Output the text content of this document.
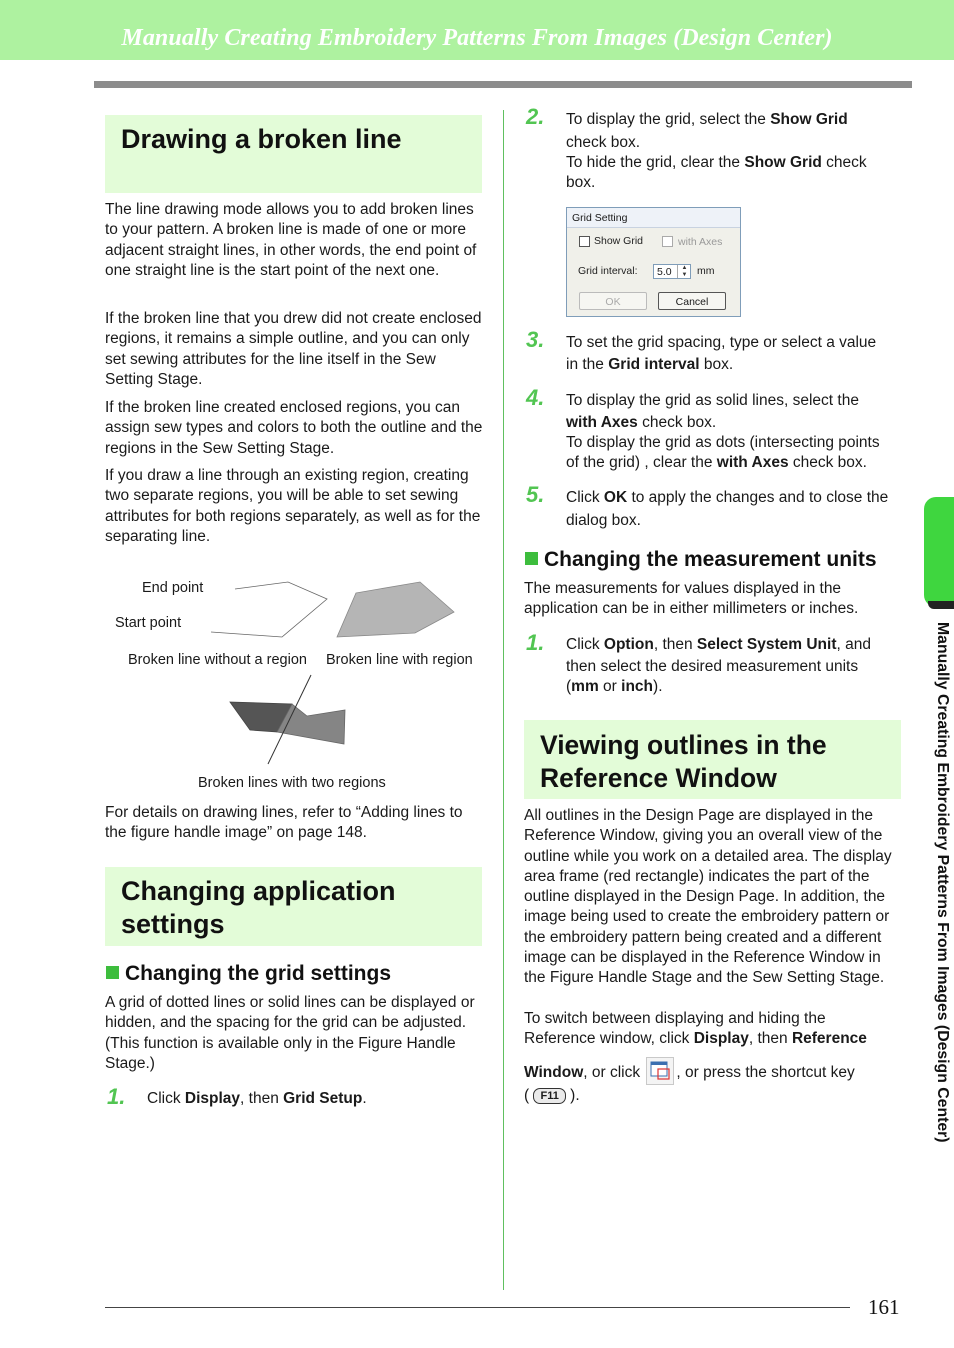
Manually Creating Embroidery Patterns From Images (Design Center)
Drawing a broken line
The line drawing mode allows you to add broken lines to your pattern. A broken line is made of one or more adjacent straight lines, in other words, the end point of one straight line is the start point of the next one.
If the broken line that you drew did not create enclosed regions, it remains a simple outline, and you can only set sewing attributes for the line itself in the Sew Setting Stage.
If the broken line created enclosed regions, you can assign sew types and colors to both the outline and the regions in the Sew Setting Stage.
If you draw a line through an existing region, creating two separate regions, you will be able to set sewing attributes for both regions separately, as well as for the separating line.
End point
Start point
Broken line without a region Broken line with region
Broken lines with two regions
For details on drawing lines, refer to “Adding lines to the figure handle image” on page 148.
Changing application
settings
Changing the grid settings
A grid of dotted lines or solid lines can be displayed or hidden, and the spacing for the grid can be adjusted. (This function is available only in the Figure Handle Stage.)
1. Click Display, then Grid Setup.
2. To display the grid, select the Show Grid
check box.
To hide the grid, clear the Show Grid check
box.
Grid Setting
Show Grid	with Axes
Grid interval:	5.0	▲
▼ mm
OK	Cancel
3. To set the grid spacing, type or select a value
in the Grid interval box.
4. To display the grid as solid lines, select the
with Axes check box.
To display the grid as dots (intersecting points
of the grid) , clear the with Axes check box.
5. Click OK to apply the changes and to close the
dialog box.
Changing the measurement units
The measurements for values displayed in the application can be in either millimeters or inches.
1. Click Option, then Select System Unit, and
then select the desired measurement units
(mm or inch).
Viewing outlines in the
Reference Window
All outlines in the Design Page are displayed in the Reference Window, giving you an overall view of the outline while you work on a detailed area. The display area frame (red rectangle) indicates the part of the outline displayed in the Design Page. In addition, the image being used to create the embroidery pattern or the embroidery pattern being created and a different image can be displayed in the Reference Window in the Figure Handle Stage and the Sew Setting Stage.
To switch between displaying and hiding the
Reference window, click Display, then Reference
Window, or click
, or press the shortcut key
( F11 ).	Manually Creating Embroidery Patterns From Images (Design Center)
161
